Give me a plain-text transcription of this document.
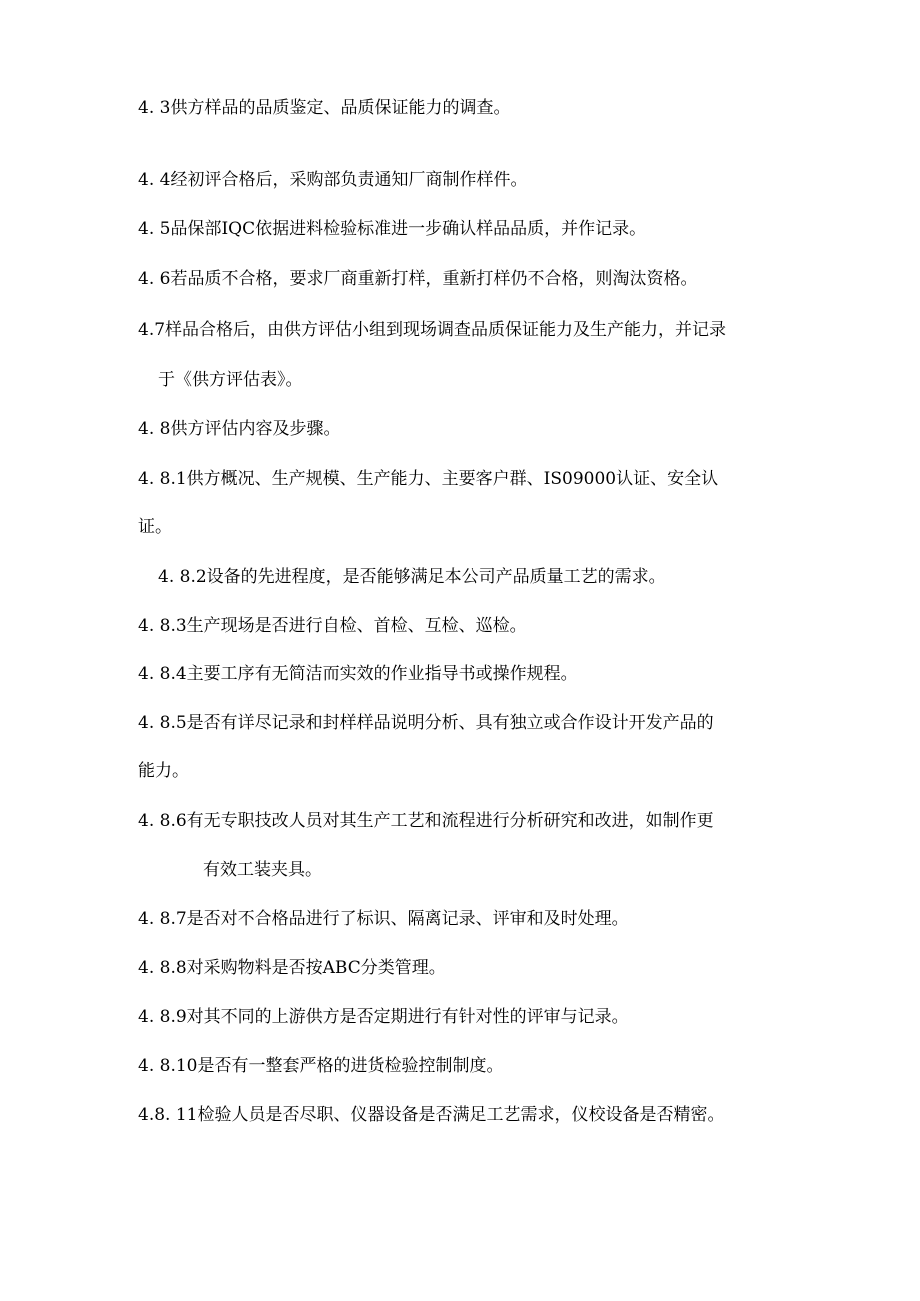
4. 3供方样品的品质鉴定、品质保证能力的调查。
4. 4经初评合格后，采购部负责通知厂商制作样件。
4. 5品保部IQC依据进料检验标准进一步确认样品品质，并作记录。
4. 6若品质不合格，要求厂商重新打样，重新打样仍不合格，则淘汰资格。
4.7样品合格后，由供方评估小组到现场调查品质保证能力及生产能力，并记录
于《供方评估表》。
4. 8供方评估内容及步骤。
4. 8.1供方概况、生产规模、生产能力、主要客户群、IS09000认证、安全认
证。
4. 8.2设备的先进程度，是否能够满足本公司产品质量工艺的需求。
4. 8.3生产现场是否进行自检、首检、互检、巡检。
4. 8.4主要工序有无简洁而实效的作业指导书或操作规程。
4. 8.5是否有详尽记录和封样样品说明分析、具有独立或合作设计开发产品的
能力。
4. 8.6有无专职技改人员对其生产工艺和流程进行分析研究和改进，如制作更
有效工装夹具。
4. 8.7是否对不合格品进行了标识、隔离记录、评审和及时处理。
4. 8.8对采购物料是否按ABC分类管理。
4. 8.9对其不同的上游供方是否定期进行有针对性的评审与记录。
4. 8.10是否有一整套严格的进货检验控制制度。
4.8. 11检验人员是否尽职、仪器设备是否满足工艺需求，仪校设备是否精密。
